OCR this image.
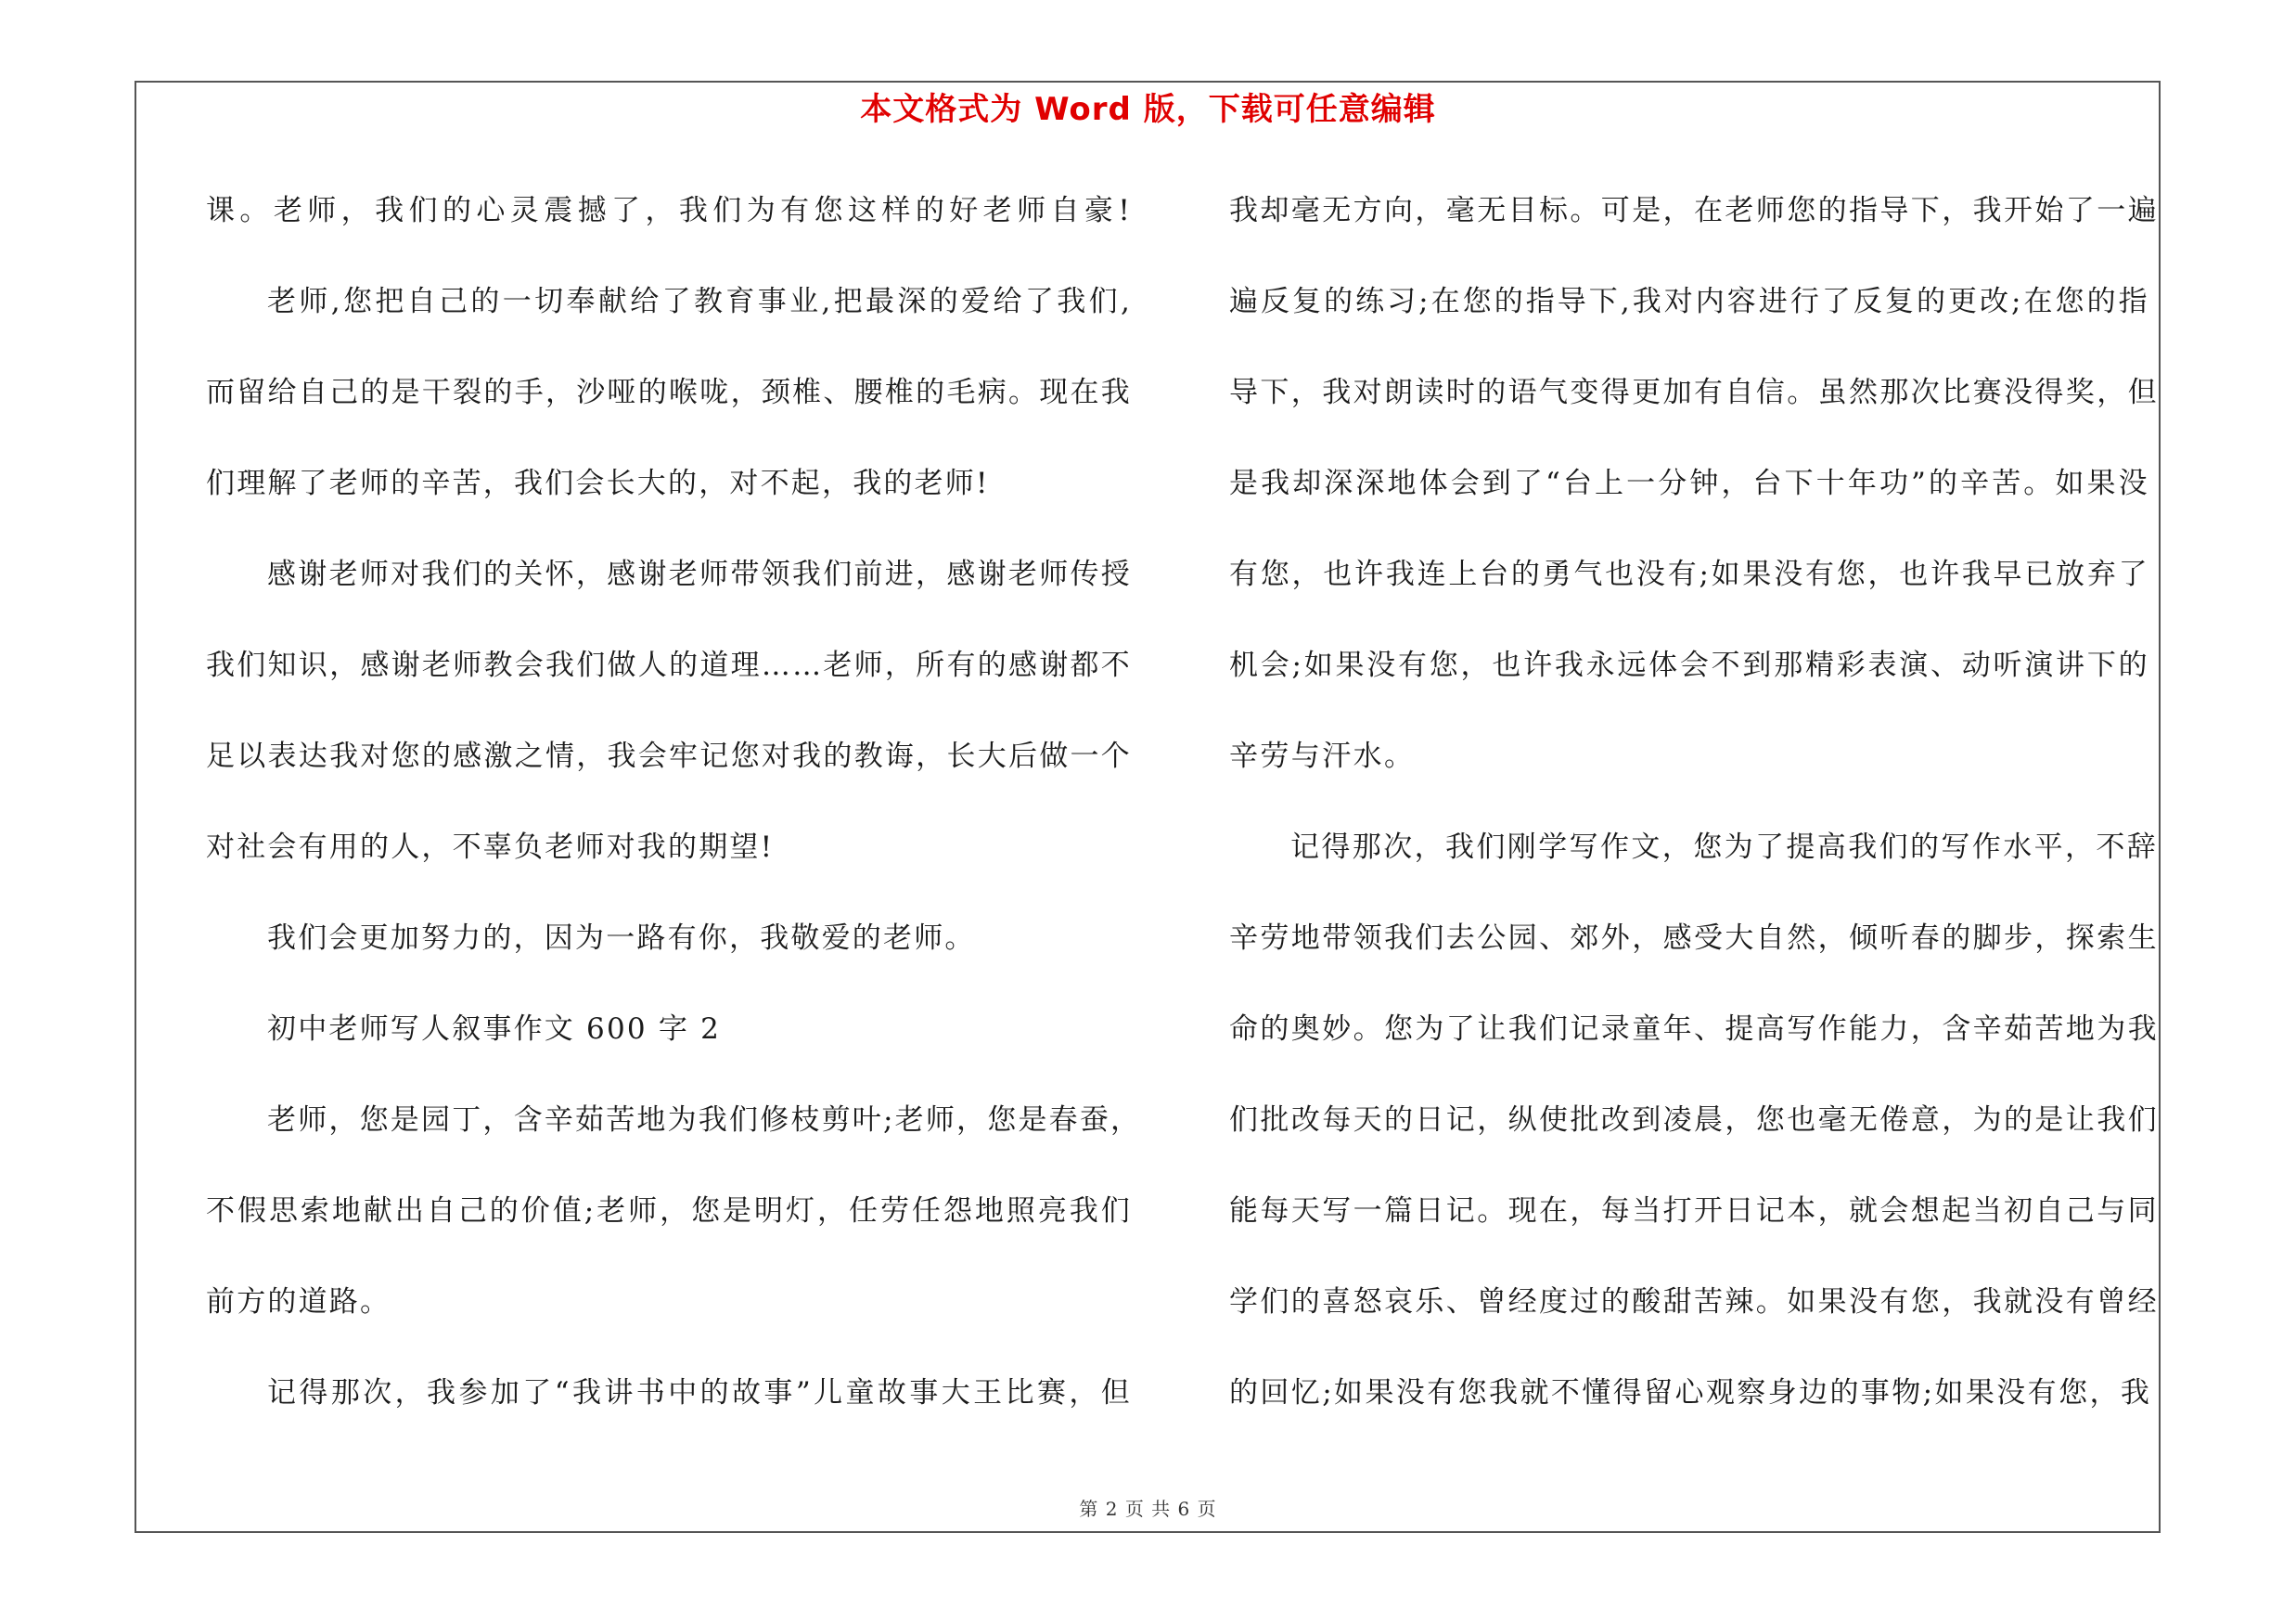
本文格式为 Word 版，下载可任意编辑
课。老师，我们的心灵震撼了，我们为有您这样的好老师自豪!
老师,您把自己的一切奉献给了教育事业,把最深的爱给了我们,
而留给自己的是干裂的手，沙哑的喉咙，颈椎、腰椎的毛病。现在我
们理解了老师的辛苦，我们会长大的，对不起，我的老师!
感谢老师对我们的关怀，感谢老师带领我们前进，感谢老师传授
我们知识，感谢老师教会我们做人的道理……老师，所有的感谢都不
足以表达我对您的感激之情，我会牢记您对我的教诲，长大后做一个
对社会有用的人，不辜负老师对我的期望!
我们会更加努力的，因为一路有你，我敬爱的老师。
初中老师写人叙事作文 600 字 2
老师，您是园丁，含辛茹苦地为我们修枝剪叶;老师，您是春蚕，
不假思索地献出自己的价值;老师，您是明灯，任劳任怨地照亮我们
前方的道路。
记得那次，我参加了“我讲书中的故事”儿童故事大王比赛，但
我却毫无方向，毫无目标。可是，在老师您的指导下，我开始了一遍
遍反复的练习;在您的指导下,我对内容进行了反复的更改;在您的指
导下，我对朗读时的语气变得更加有自信。虽然那次比赛没得奖，但
是我却深深地体会到了“台上一分钟，台下十年功”的辛苦。如果没
有您，也许我连上台的勇气也没有;如果没有您，也许我早已放弃了
机会;如果没有您，也许我永远体会不到那精彩表演、动听演讲下的
辛劳与汗水。
记得那次，我们刚学写作文，您为了提高我们的写作水平，不辞
辛劳地带领我们去公园、郊外，感受大自然，倾听春的脚步，探索生
命的奥妙。您为了让我们记录童年、提高写作能力，含辛茹苦地为我
们批改每天的日记，纵使批改到凌晨，您也毫无倦意，为的是让我们
能每天写一篇日记。现在，每当打开日记本，就会想起当初自己与同
学们的喜怒哀乐、曾经度过的酸甜苦辣。如果没有您，我就没有曾经
的回忆;如果没有您我就不懂得留心观察身边的事物;如果没有您，我
第 2 页 共 6 页
